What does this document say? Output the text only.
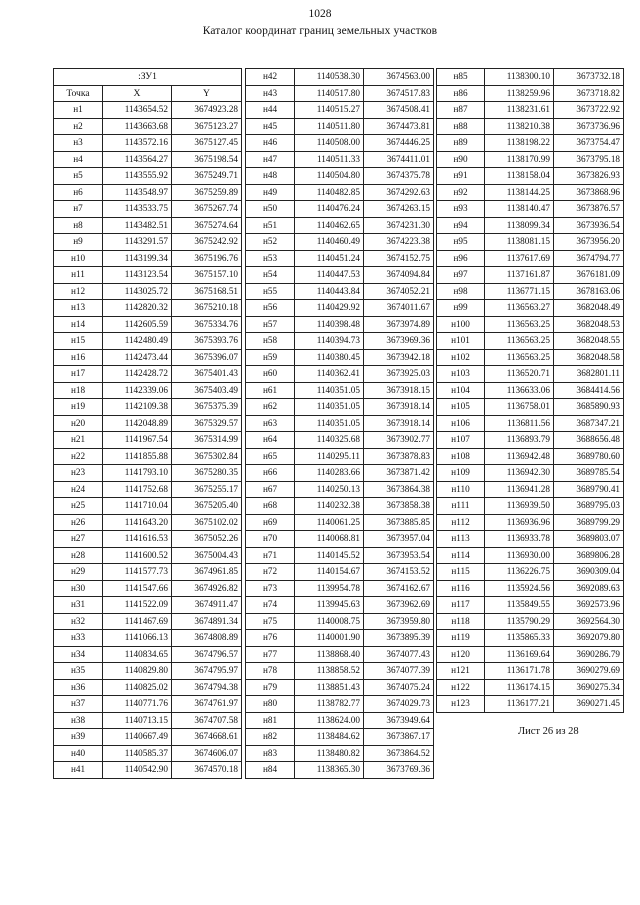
1028
Каталог координат границ земельных участков
:ЗУ1		
Точка	X	Y
н1	1143654.52	3674923.28
н2	1143663.68	3675123.27
н3	1143572.16	3675127.45
н4	1143564.27	3675198.54
н5	1143555.92	3675249.71
н6	1143548.97	3675259.89
н7	1143533.75	3675267.74
н8	1143482.51	3675274.64
н9	1143291.57	3675242.92
н10	1143199.34	3675196.76
н11	1143123.54	3675157.10
н12	1143025.72	3675168.51
н13	1142820.32	3675210.18
н14	1142605.59	3675334.76
н15	1142480.49	3675393.76
н16	1142473.44	3675396.07
н17	1142428.72	3675401.43
н18	1142339.06	3675403.49
н19	1142109.38	3675375.39
н20	1142048.89	3675329.57
н21	1141967.54	3675314.99
н22	1141855.88	3675302.84
н23	1141793.10	3675280.35
н24	1141752.68	3675255.17
н25	1141710.04	3675205.40
н26	1141643.20	3675102.02
н27	1141616.53	3675052.26
н28	1141600.52	3675004.43
н29	1141577.73	3674961.85
н30	1141547.66	3674926.82
н31	1141522.09	3674911.47
н32	1141467.69	3674891.34
н33	1141066.13	3674808.89
н34	1140834.65	3674796.57
н35	1140829.80	3674795.97
н36	1140825.02	3674794.38
н37	1140771.76	3674761.97
н38	1140713.15	3674707.58
н39	1140667.49	3674668.61
н40	1140585.37	3674606.07
н41	1140542.90	3674570.18
н42	1140538.30	3674563.00
н43	1140517.80	3674517.83
н44	1140515.27	3674508.41
н45	1140511.80	3674473.81
н46	1140508.00	3674446.25
н47	1140511.33	3674411.01
н48	1140504.80	3674375.78
н49	1140482.85	3674292.63
н50	1140476.24	3674263.15
н51	1140462.65	3674231.30
н52	1140460.49	3674223.38
н53	1140451.24	3674152.75
н54	1140447.53	3674094.84
н55	1140443.84	3674052.21
н56	1140429.92	3674011.67
н57	1140398.48	3673974.89
н58	1140394.73	3673969.36
н59	1140380.45	3673942.18
н60	1140362.41	3673925.03
н61	1140351.05	3673918.15
н62	1140351.05	3673918.14
н63	1140351.05	3673918.14
н64	1140325.68	3673902.77
н65	1140295.11	3673878.83
н66	1140283.66	3673871.42
н67	1140250.13	3673864.38
н68	1140232.38	3673858.38
н69	1140061.25	3673885.85
н70	1140068.81	3673957.04
н71	1140145.52	3673953.54
н72	1140154.67	3674153.52
н73	1139954.78	3674162.67
н74	1139945.63	3673962.69
н75	1140008.75	3673959.80
н76	1140001.90	3673895.39
н77	1138868.40	3674077.43
н78	1138858.52	3674077.39
н79	1138851.43	3674075.24
н80	1138782.77	3674029.73
н81	1138624.00	3673949.64
н82	1138484.62	3673867.17
н83	1138480.82	3673864.52
н84	1138365.30	3673769.36
н85	1138300.10	3673732.18
н86	1138259.96	3673718.82
н87	1138231.61	3673722.92
н88	1138210.38	3673736.96
н89	1138198.22	3673754.47
н90	1138170.99	3673795.18
н91	1138158.04	3673826.93
н92	1138144.25	3673868.96
н93	1138140.47	3673876.57
н94	1138099.34	3673936.54
н95	1138081.15	3673956.20
н96	1137617.69	3674794.77
н97	1137161.87	3676181.09
н98	1136771.15	3678163.06
н99	1136563.27	3682048.49
н100	1136563.25	3682048.53
н101	1136563.25	3682048.55
н102	1136563.25	3682048.58
н103	1136520.71	3682801.11
н104	1136633.06	3684414.56
н105	1136758.01	3685890.93
н106	1136811.56	3687347.21
н107	1136893.79	3688656.48
н108	1136942.48	3689780.60
н109	1136942.30	3689785.54
н110	1136941.28	3689790.41
н111	1136939.50	3689795.03
н112	1136936.96	3689799.29
н113	1136933.78	3689803.07
н114	1136930.00	3689806.28
н115	1136226.75	3690309.04
н116	1135924.56	3692089.63
н117	1135849.55	3692573.96
н118	1135790.29	3692564.30
н119	1135865.33	3692079.80
н120	1136169.64	3690286.79
н121	1136171.78	3690279.69
н122	1136174.15	3690275.34
н123	1136177.21	3690271.45
Лист 26 из 28
